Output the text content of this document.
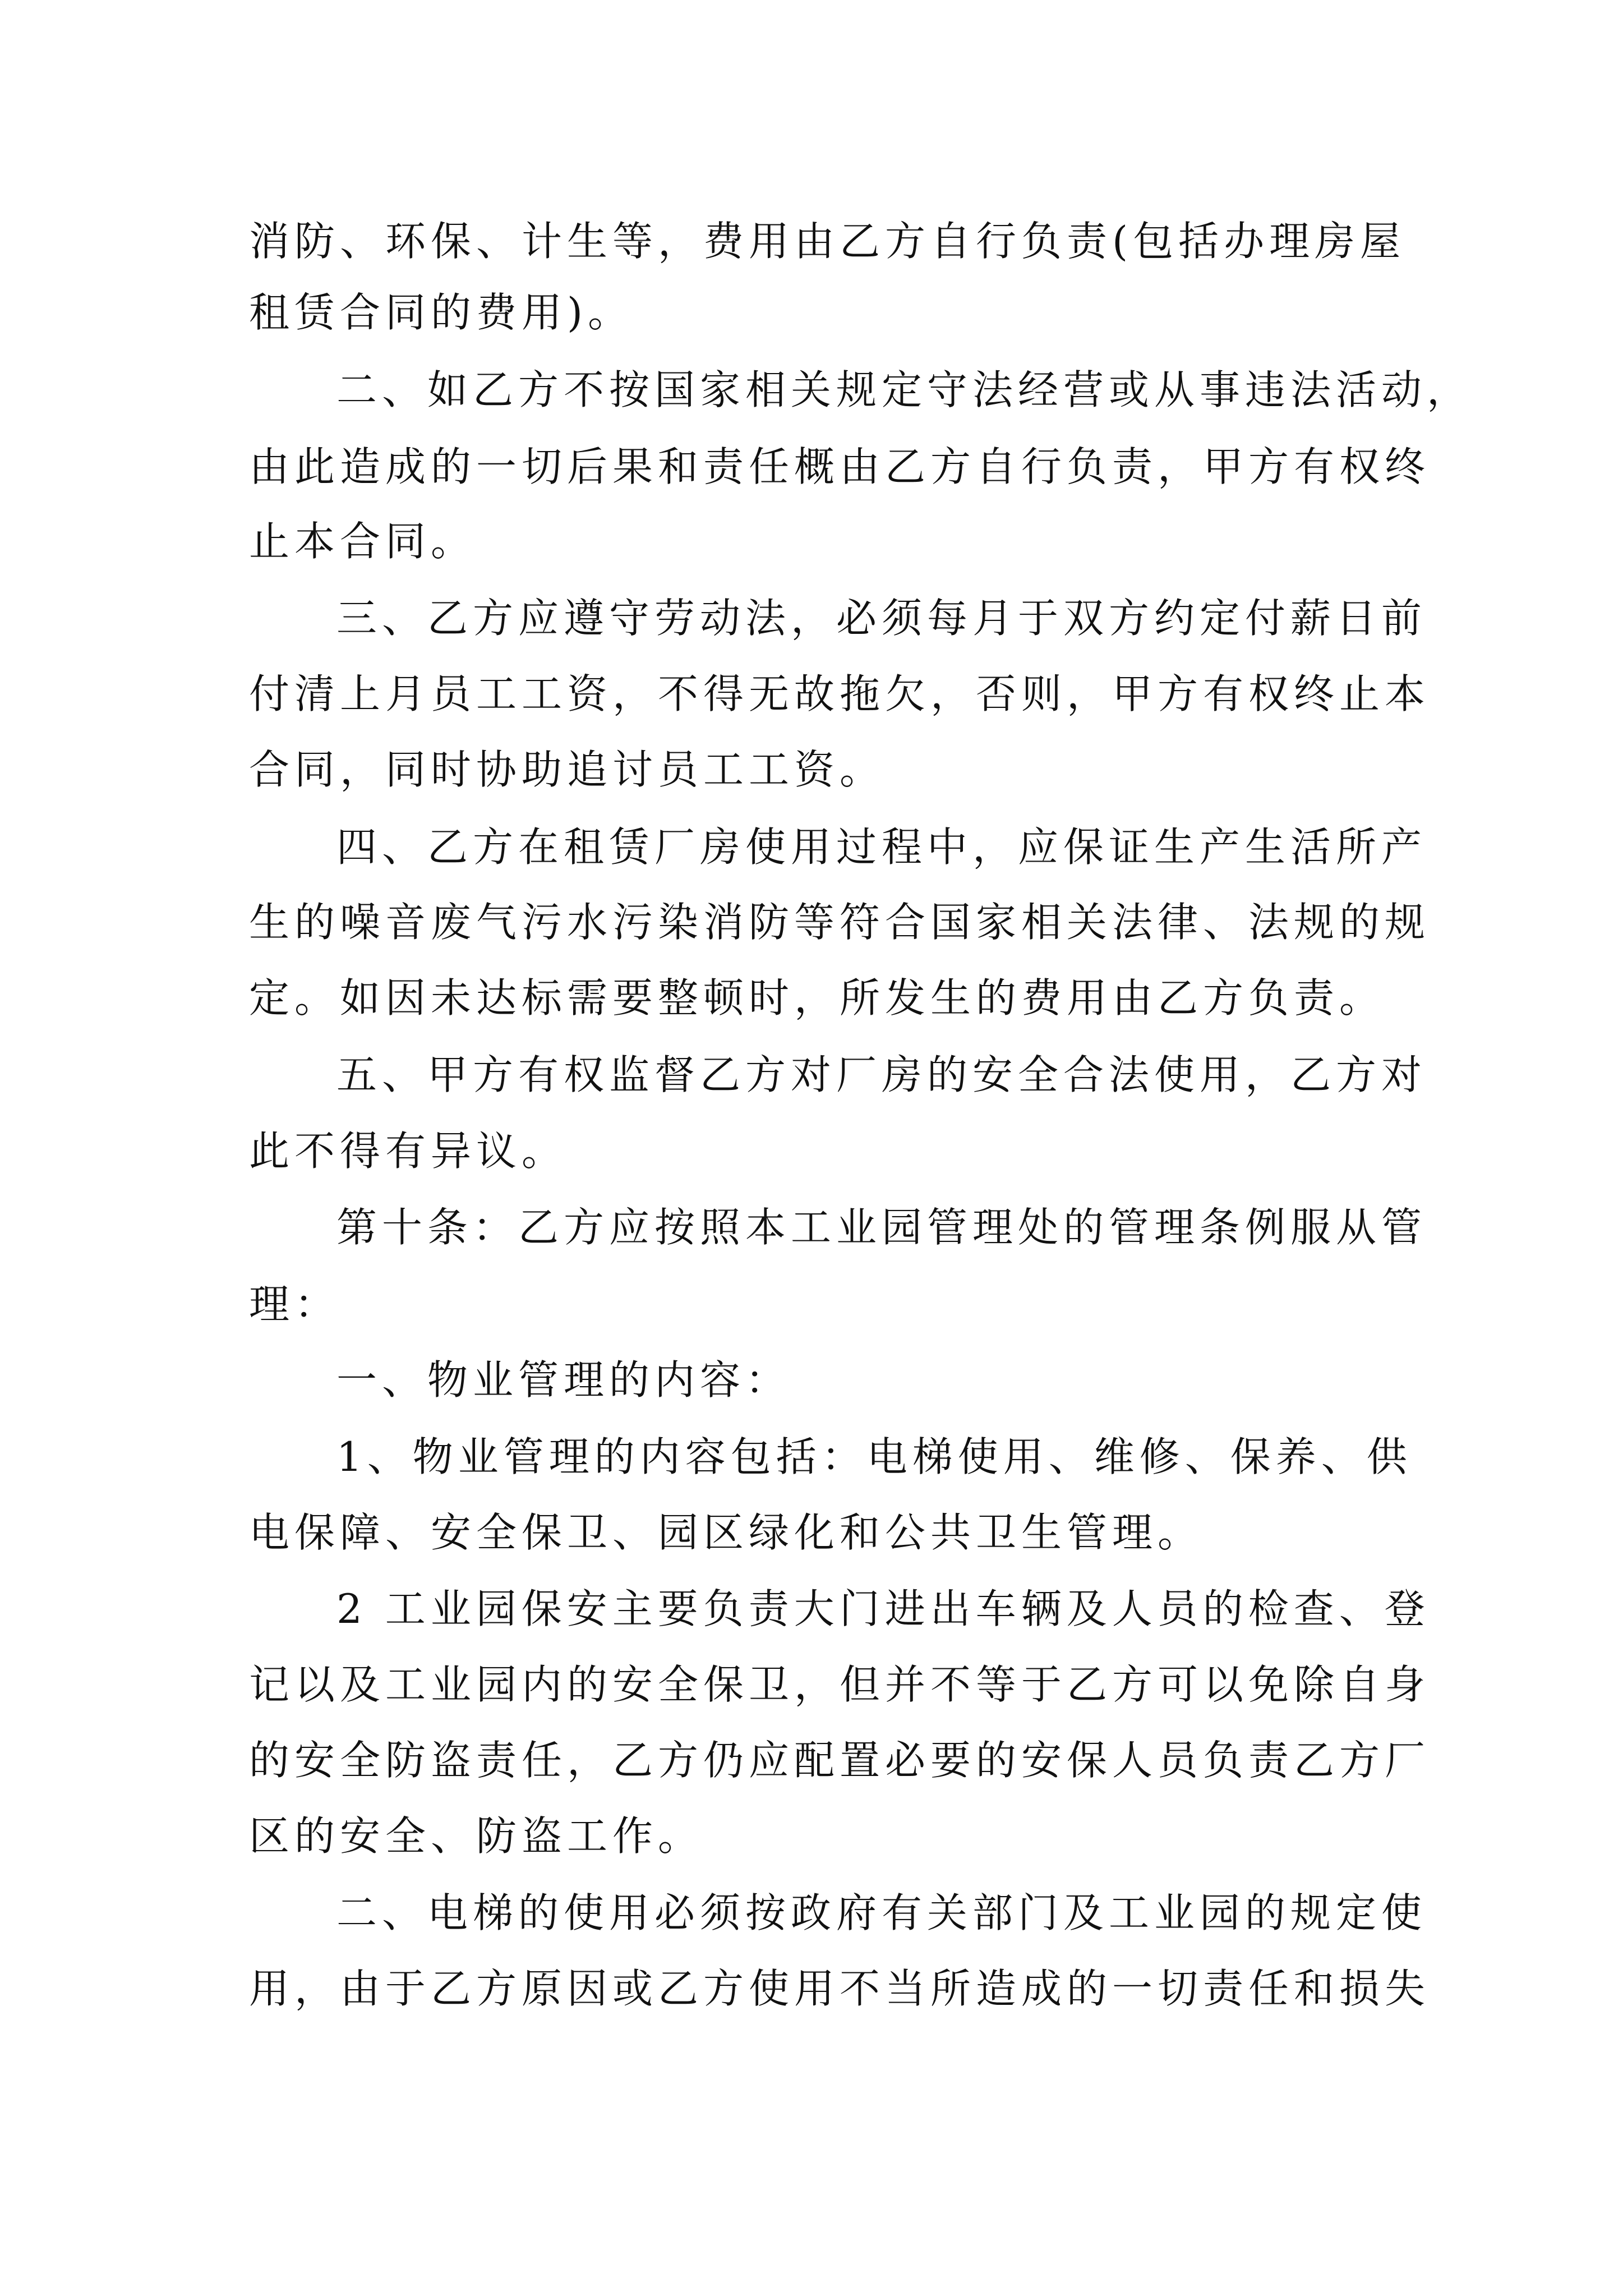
消防、环保、计生等，费用由乙方自行负责(包括办理房屋

租赁合同的费用)。

二、如乙方不按国家相关规定守法经营或从事违法活动，

由此造成的一切后果和责任概由乙方自行负责，甲方有权终

止本合同。

三、乙方应遵守劳动法，必须每月于双方约定付薪日前

付清上月员工工资，不得无故拖欠，否则，甲方有权终止本

合同，同时协助追讨员工工资。

四、乙方在租赁厂房使用过程中，应保证生产生活所产

生的噪音废气污水污染消防等符合国家相关法律、法规的规

定。如因未达标需要整顿时，所发生的费用由乙方负责。

五、甲方有权监督乙方对厂房的安全合法使用，乙方对

此不得有异议。

第十条：乙方应按照本工业园管理处的管理条例服从管

理：

一、物业管理的内容：

1、物业管理的内容包括：电梯使用、维修、保养、供

电保障、安全保卫、园区绿化和公共卫生管理。

2 工业园保安主要负责大门进出车辆及人员的检查、登

记以及工业园内的安全保卫，但并不等于乙方可以免除自身

的安全防盗责任，乙方仍应配置必要的安保人员负责乙方厂

区的安全、防盗工作。

二、电梯的使用必须按政府有关部门及工业园的规定使

用，由于乙方原因或乙方使用不当所造成的一切责任和损失
